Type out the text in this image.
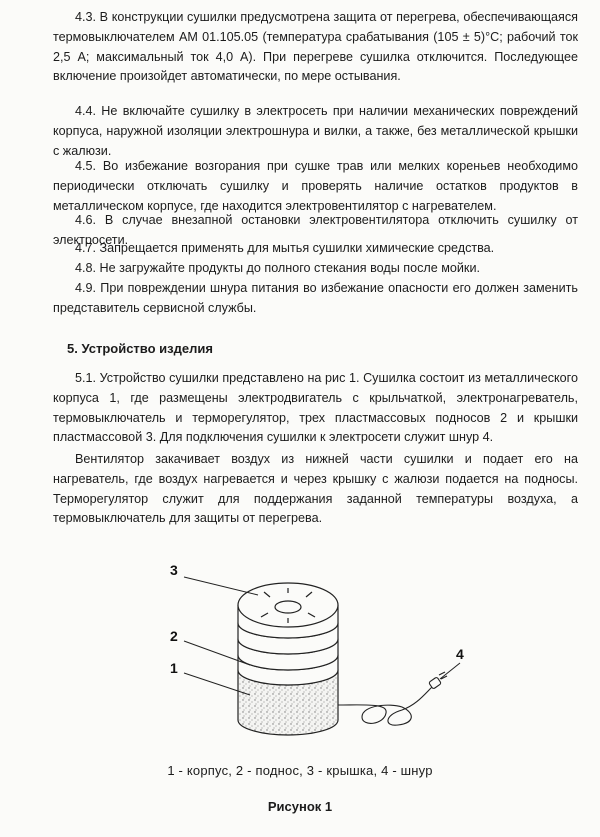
4.3. В конструкции сушилки предусмотрена защита от перегрева, обеспечивающаяся термовыключателем АМ 01.105.05 (температура срабатывания (105 ± 5)°С; рабочий ток 2,5 А; максимальный ток 4,0 А). При перегреве сушилка отключится. Последующее включение произойдет автоматически, по мере остывания.

4.4. Не включайте сушилку в электросеть при наличии механических повреждений корпуса, наружной изоляции электрошнура и вилки, а также, без металлической крышки с жалюзи.

4.5. Во избежание возгорания при сушке трав или мелких кореньев необходимо периодически отключать сушилку и проверять наличие остатков продуктов в металлическом корпусе, где находится электровентилятор с нагревателем.

4.6. В случае внезапной остановки электровентилятора отключить сушилку от электросети.

4.7. Запрещается применять для мытья сушилки химические средства.

4.8. Не загружайте продукты до полного стекания воды после мойки.

4.9. При повреждении шнура питания во избежание опасности его должен заменить представитель сервисной службы.

5. Устройство изделия

5.1. Устройство сушилки представлено на рис 1. Сушилка состоит из металлического корпуса 1, где размещены электродвигатель с крыльчаткой, электронагреватель, термовыключатель и терморегулятор, трех пластмассовых подносов 2 и крышки пластмассовой 3. Для подключения сушилки к электросети служит шнур 4.

Вентилятор закачивает воздух из нижней части сушилки и подает его на нагреватель, где воздух нагревается и через крышку с жалюзи подается на подносы. Терморегулятор служит для поддержания заданной температуры воздуха, а термовыключатель для защиты от перегрева.

3
2
1
4
1 - корпус, 2 - поднос, 3 - крышка, 4 - шнур
Рисунок 1
